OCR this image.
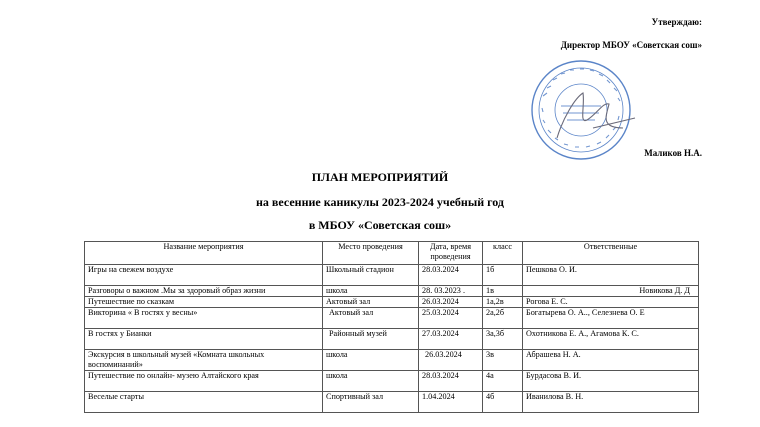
Утверждаю:
Директор МБОУ «Советская сош»
Маликов Н.А.
ПЛАН МЕРОПРИЯТИЙ
на весенние каникулы 2023-2024 учебный год
в МБОУ «Советская сош»
Название мероприятия	Место проведения	Дата, время проведения	класс	Ответственные
Игры на свежем воздухе	Школьный стадион	28.03.2024	1б	Пешкова О. И.
Разговоры о важном .Мы за здоровый образ жизни	школа	28. 03.2023 .	1в	Новикова Д. Д
Путешествие по сказкам	Актовый зал	26.03.2024	1а,2в	Рогова Е. С.
Викторина « В гостях у весны»	Актовый зал	25.03.2024	2а,2б	Богатырева О. А.., Селезнева О. Е
В гостях у Бианки	Районный музей	27.03.2024	3а,3б	Охотникова Е. А., Агамова К. С.
Экскурсия в школьный музей «Комната школьных воспоминаний»	школа	26.03.2024	3в	Абрашева Н. А.
Путешествие по онлайн- музею Алтайского края	школа	28.03.2024	4а	Бурдасова В. И.
Веселые старты	Спортивный зал	1.04.2024	4б	Иванилова В. Н.
